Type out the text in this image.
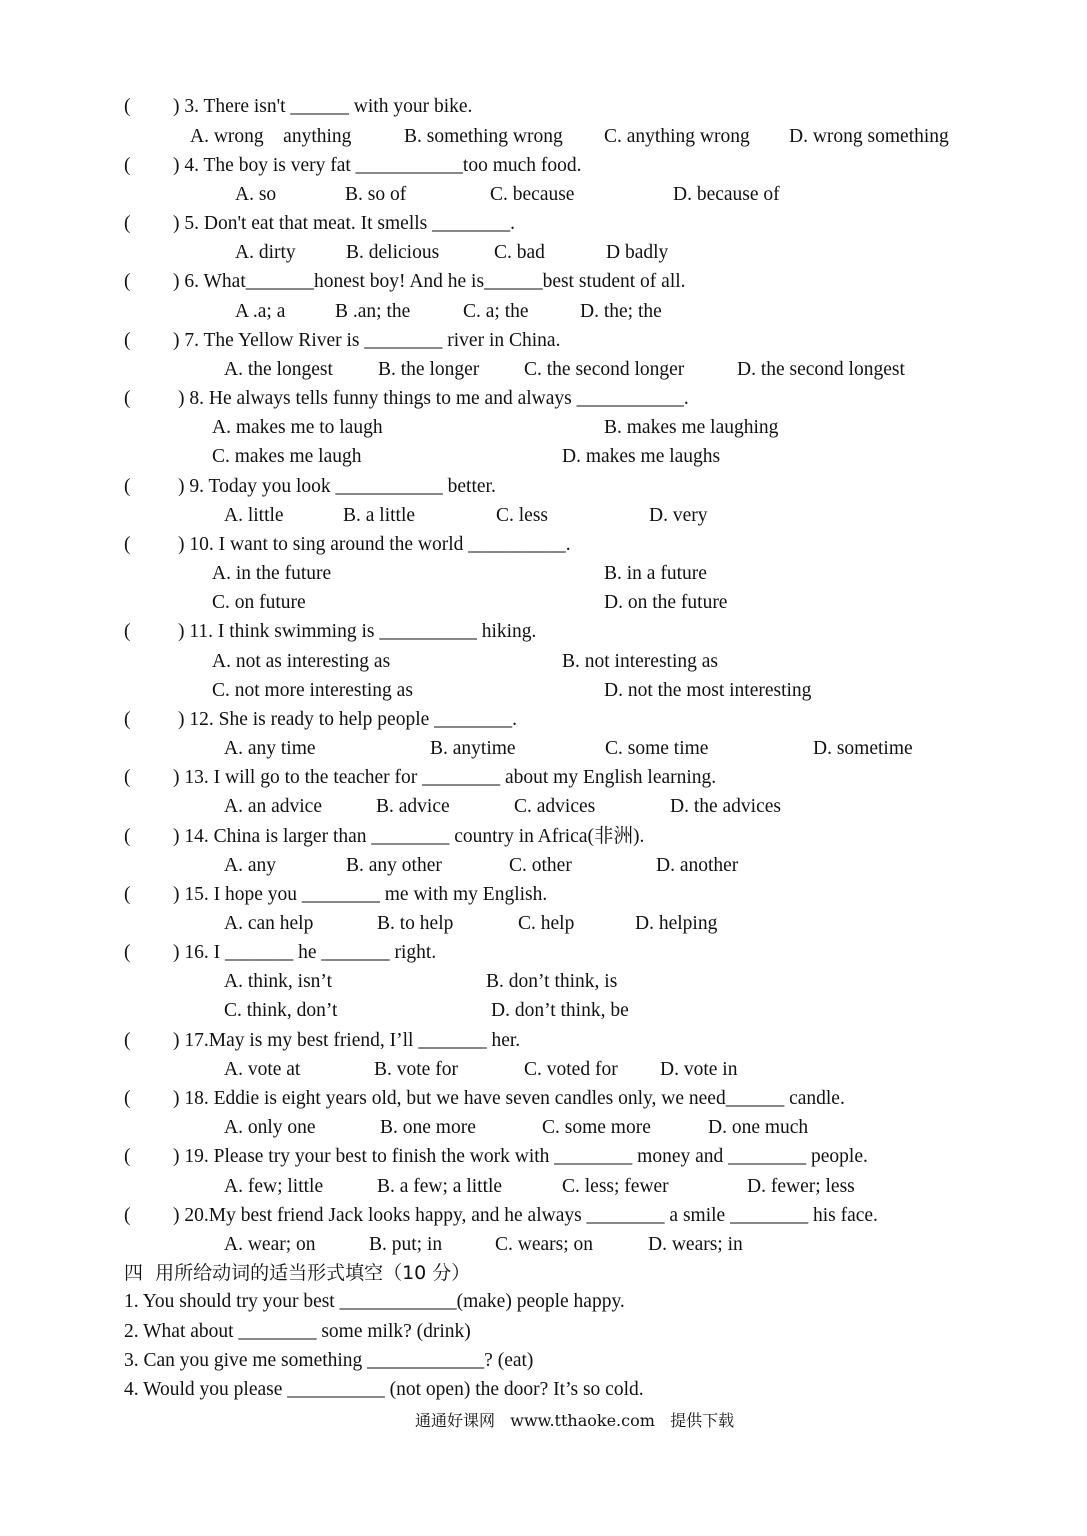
( ) 3. There isn't ______ with your bike.
A. wrong    anything	B. something wrong C. anything wrong D. wrong something
( ) 4. The boy is very fat ___________too much food.
A. so	B. so of	C. because	D. because of
( ) 5. Don't eat that meat. It smells ________.
A. dirty	B. delicious	C. bad	D badly
( ) 6. What_______honest boy! And he is______best student of all.
A .a; a	B .an; the	C. a; the	D. the; the
( ) 7. The Yellow River is ________ river in China.
A. the longest B. the longer C. the second longer	D. the second longest
( ) 8. He always tells funny things to me and always ___________.
A. makes me to laugh	B. makes me laughing
C. makes me laugh	D. makes me laughs
( ) 9. Today you look ___________ better.
A. little	B. a little	C. less	D. very
( ) 10. I want to sing around the world __________.
A. in the future	B. in a future
C. on future	D. on the future
( ) 11. I think swimming is __________ hiking.
A. not as interesting as	B. not interesting as
C. not more interesting as	D. not the most interesting
( ) 12. She is ready to help people ________.
A. any time	B. anytime	C. some time	D. sometime
( ) 13. I will go to the teacher for ________ about my English learning.
A. an advice	B. advice	C. advices	D. the advices
( ) 14. China is larger than ________ country in Africa(非洲).
A. any	B. any other	C. other	D. another
( ) 15. I hope you ________ me with my English.
A. can help	B. to help	C. help	D. helping
( ) 16. I _______ he _______ right.
A. think, isn’t	B. don’t think, is
C. think, don’t	D. don’t think, be
( ) 17.May is my best friend, I’ll _______ her.
A. vote at	B. vote for	C. voted for D. vote in
( ) 18. Eddie is eight years old, but we have seven candles only, we need______ candle.
A. only one	B. one more	C. some more	D. one much
( ) 19. Please try your best to finish the work with ________ money and ________ people.
A. few; little	B. a few; a little	C. less; fewer	D. fewer; less
( ) 20.My best friend Jack looks happy, and he always ________ a smile ________ his face.
A. wear; on	B. put; in	C. wears; on	D. wears; in
四  用所给动词的适当形式填空（10 分）
1. You should try your best ____________(make) people happy.
2. What about ________ some milk? (drink)
3. Can you give me something ____________? (eat)
4. Would you please __________ (not open) the door? It’s so cold.
通通好课网   www.tthaoke.com   提供下载
